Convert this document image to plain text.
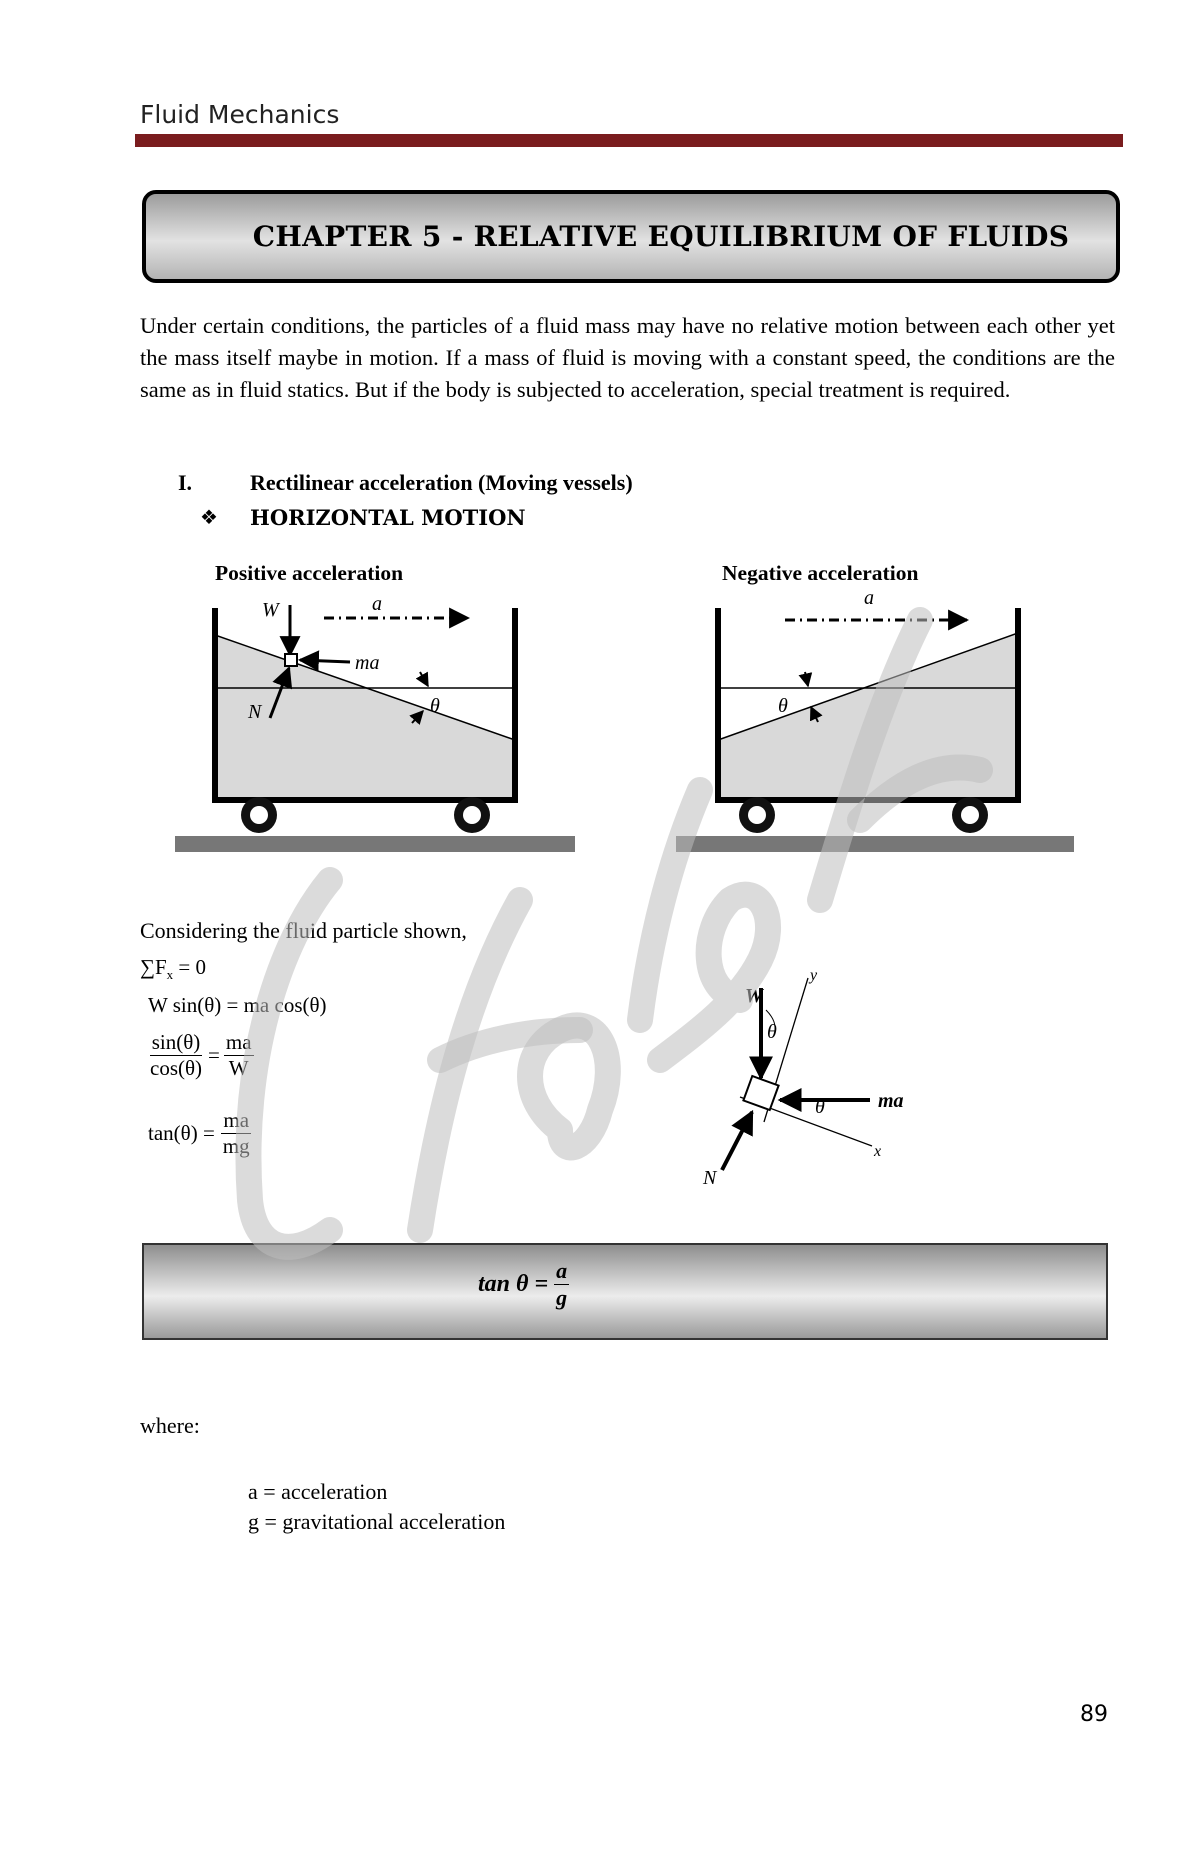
Fluid Mechanics
CHAPTER 5 - RELATIVE EQUILIBRIUM OF FLUIDS
Under certain conditions, the particles of a fluid mass may have no relative motion between each other yet the mass itself maybe in motion. If a mass of fluid is moving with a constant speed, the conditions are the same as in fluid statics. But if the body is subjected to acceleration, special treatment is required.
I.	Rectilinear acceleration (Moving vessels)
❖ HORIZONTAL MOTION
Positive acceleration	Negative acceleration
W	a
ma
N	θ
a
θ
Considering the fluid particle shown,
$\sum F_x = 0$
W sin(θ) = ma cos(θ)
$\frac{\sin(\theta)}{\cos(\theta)} = \frac{ma}{W}$
$\tan(\theta) = \frac{ma}{mg}$
W
y
θ
θ	ma
x
N
$\tan \theta = \frac{a}{g}$
where:
a = acceleration
g = gravitational acceleration
89
